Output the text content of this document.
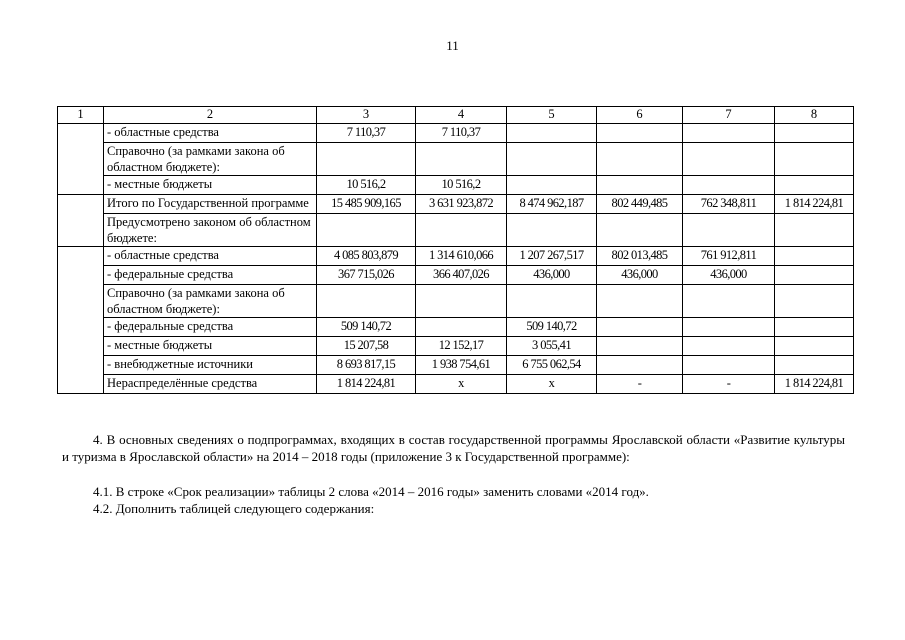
11
1	2	3	4	5	6	7	8
	- областные средства	7 110,37	7 110,37				
	Справочно (за рамками закона об областном бюджете):						
	- местные бюджеты	10 516,2	10 516,2				
	Итого по Государственной программе	15 485 909,165	3 631 923,872	8 474 962,187	802 449,485	762 348,811	1 814 224,81
	Предусмотрено законом об областном бюджете:						
	- областные средства	4 085 803,879	1 314 610,066	1 207 267,517	802 013,485	761 912,811	
	- федеральные средства	367 715,026	366 407,026	436,000	436,000	436,000	
	Справочно (за рамками закона об областном бюджете):						
	- федеральные средства	509 140,72		509 140,72			
	- местные бюджеты	15 207,58	12 152,17	3 055,41			
	- внебюджетные источники	8 693 817,15	1 938 754,61	6 755 062,54			
	Нераспределённые средства	1 814 224,81	х	х	-	-	1 814 224,81
4. В основных сведениях о подпрограммах, входящих в состав государственной программы Ярославской области «Развитие культуры и туризма в Ярославской области» на 2014 – 2018 годы (приложение 3 к Государственной программе):
4.1. В строке «Срок реализации» таблицы 2 слова «2014 – 2016 годы» заменить словами «2014 год».
4.2. Дополнить таблицей следующего содержания:
